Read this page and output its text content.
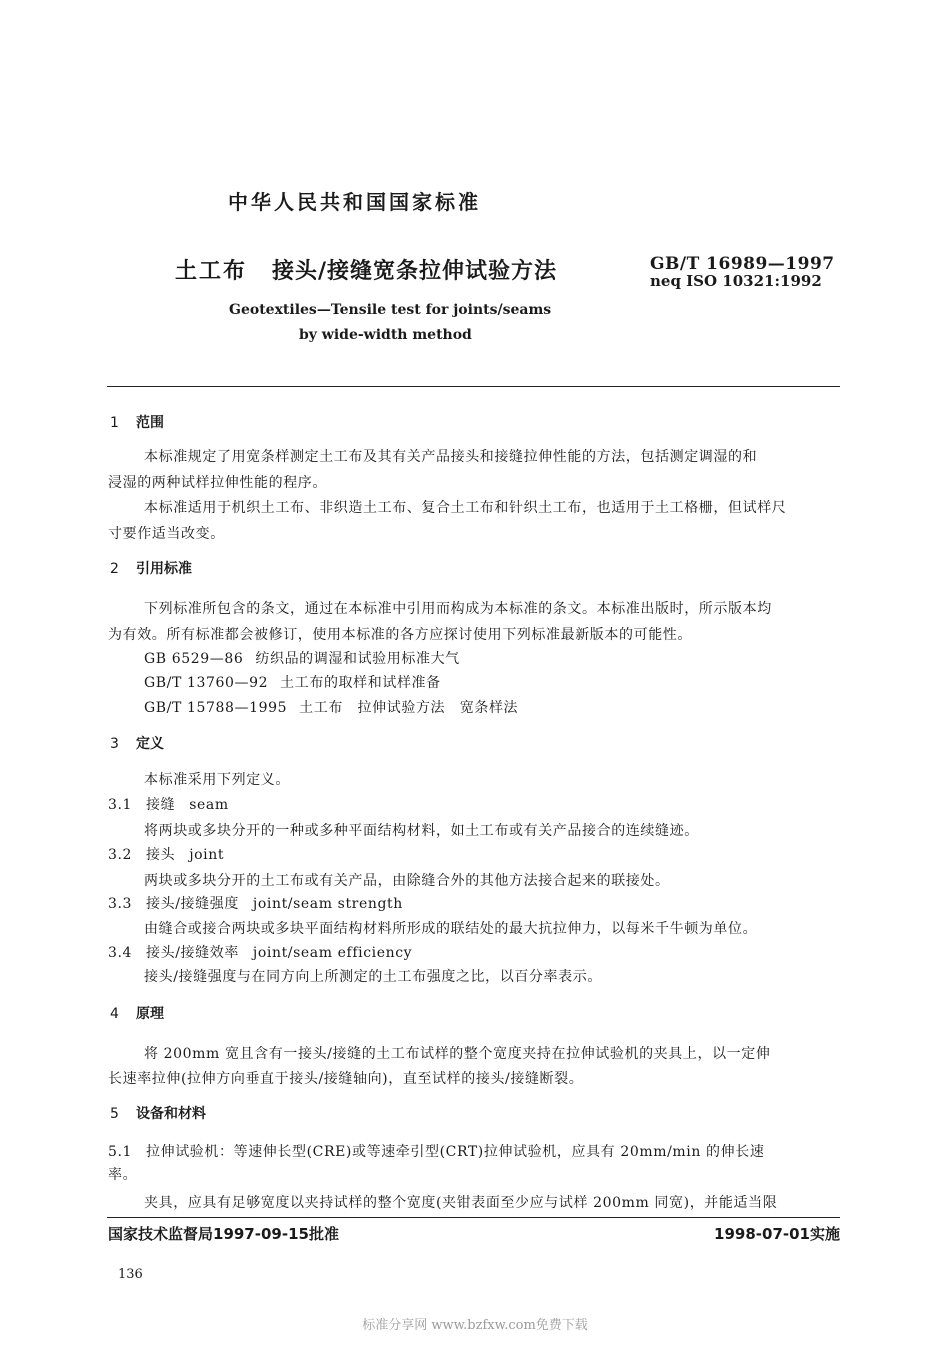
中华人民共和国国家标准
土工布 接头/接缝宽条拉伸试验方法	GB/T 16989—1997
neq ISO 10321:1992
Geotextiles—Tensile test for joints/seams
by wide-width method
1 范围
本标准规定了用宽条样测定土工布及其有关产品接头和接缝拉伸性能的方法，包括测定调湿的和
浸湿的两种试样拉伸性能的程序。
本标准适用于机织土工布、非织造土工布、复合土工布和针织土工布，也适用于土工格栅，但试样尺
寸要作适当改变。
2 引用标准
下列标准所包含的条文，通过在本标准中引用而构成为本标准的条文。本标准出版时，所示版本均
为有效。所有标准都会被修订，使用本标准的各方应探讨使用下列标准最新版本的可能性。
GB 6529—86 纺织品的调湿和试验用标准大气
GB/T 13760—92 土工布的取样和试样准备
GB/T 15788—1995 土工布　拉伸试验方法　宽条样法
3 定义
本标准采用下列定义。
3.1 接缝 seam
将两块或多块分开的一种或多种平面结构材料，如土工布或有关产品接合的连续缝迹。
3.2 接头 joint
两块或多块分开的土工布或有关产品，由除缝合外的其他方法接合起来的联接处。
3.3 接头/接缝强度 joint/seam strength
由缝合或接合两块或多块平面结构材料所形成的联结处的最大抗拉伸力，以每米千牛顿为单位。
3.4 接头/接缝效率 joint/seam efficiency
接头/接缝强度与在同方向上所测定的土工布强度之比，以百分率表示。
4 原理
将 200mm 宽且含有一接头/接缝的土工布试样的整个宽度夹持在拉伸试验机的夹具上，以一定伸
长速率拉伸(拉伸方向垂直于接头/接缝轴向)，直至试样的接头/接缝断裂。
5 设备和材料
5.1 拉伸试验机：等速伸长型(CRE)或等速牵引型(CRT)拉伸试验机，应具有 20mm/min 的伸长速
率。
夹具，应具有足够宽度以夹持试样的整个宽度(夹钳表面至少应与试样 200mm 同宽)，并能适当限
国家技术监督局1997-09-15批准	1998-07-01实施
136
标准分享网 www.bzfxw.com免费下载
